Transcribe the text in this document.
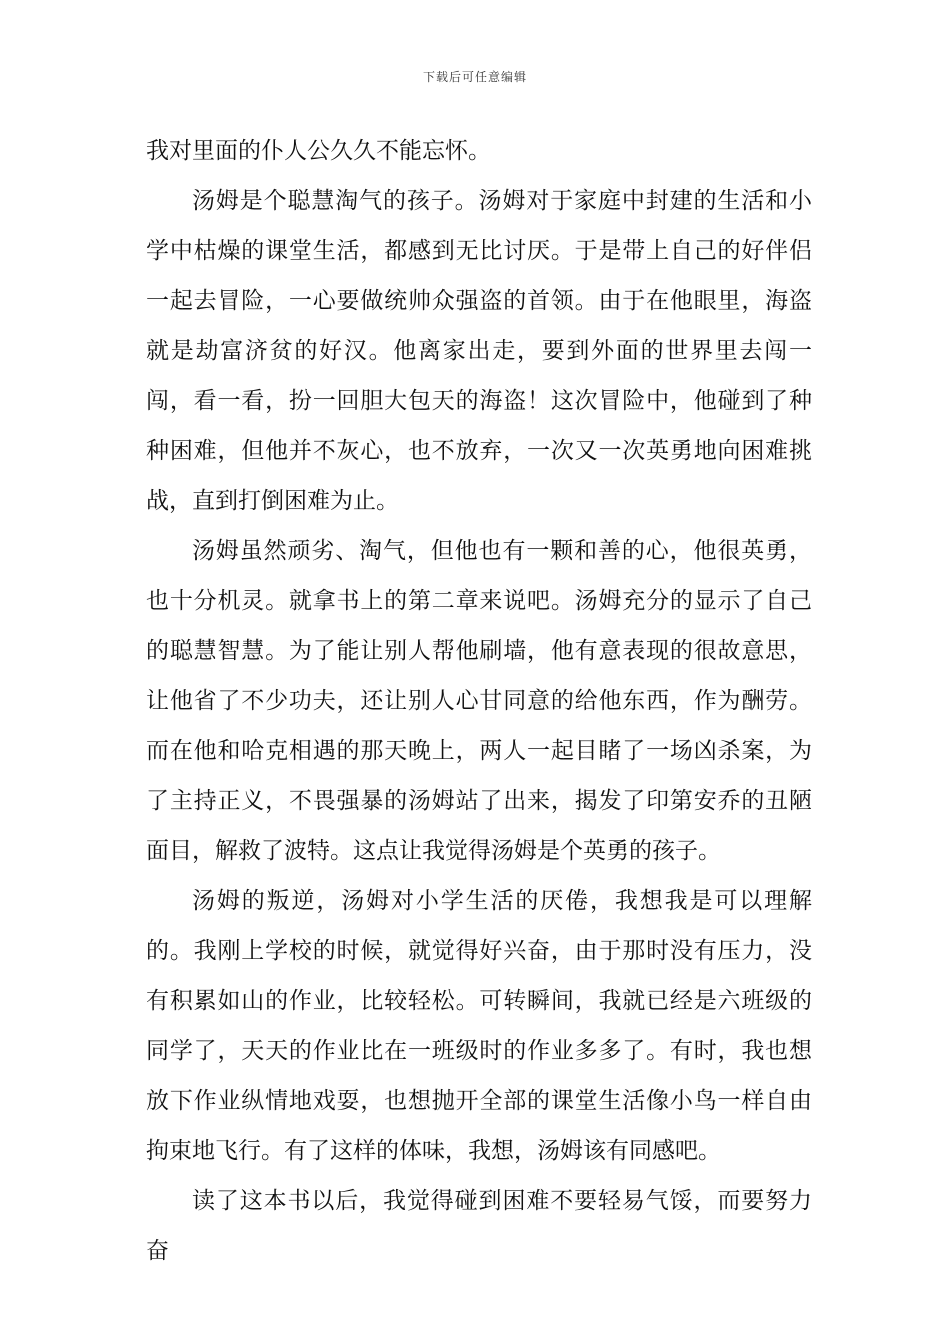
下载后可任意编辑

我对里面的仆人公久久不能忘怀。

汤姆是个聪慧淘气的孩子。汤姆对于家庭中封建的生活和小学中枯燥的课堂生活，都感到无比讨厌。于是带上自己的好伴侣一起去冒险，一心要做统帅众强盗的首领。由于在他眼里，海盗就是劫富济贫的好汉。他离家出走，要到外面的世界里去闯一闯，看一看，扮一回胆大包天的海盗！这次冒险中，他碰到了种种困难，但他并不灰心，也不放弃，一次又一次英勇地向困难挑战，直到打倒困难为止。

汤姆虽然顽劣、淘气，但他也有一颗和善的心，他很英勇，也十分机灵。就拿书上的第二章来说吧。汤姆充分的显示了自己的聪慧智慧。为了能让别人帮他刷墙，他有意表现的很故意思，让他省了不少功夫，还让别人心甘同意的给他东西，作为酬劳。而在他和哈克相遇的那天晚上，两人一起目睹了一场凶杀案，为了主持正义，不畏强暴的汤姆站了出来，揭发了印第安乔的丑陋面目，解救了波特。这点让我觉得汤姆是个英勇的孩子。

汤姆的叛逆，汤姆对小学生活的厌倦，我想我是可以理解的。我刚上学校的时候，就觉得好兴奋，由于那时没有压力，没有积累如山的作业，比较轻松。可转瞬间，我就已经是六班级的同学了，天天的作业比在一班级时的作业多多了。有时，我也想放下作业纵情地戏耍，也想抛开全部的课堂生活像小鸟一样自由拘束地飞行。有了这样的体味，我想，汤姆该有同感吧。

读了这本书以后，我觉得碰到困难不要轻易气馁，而要努力奋
